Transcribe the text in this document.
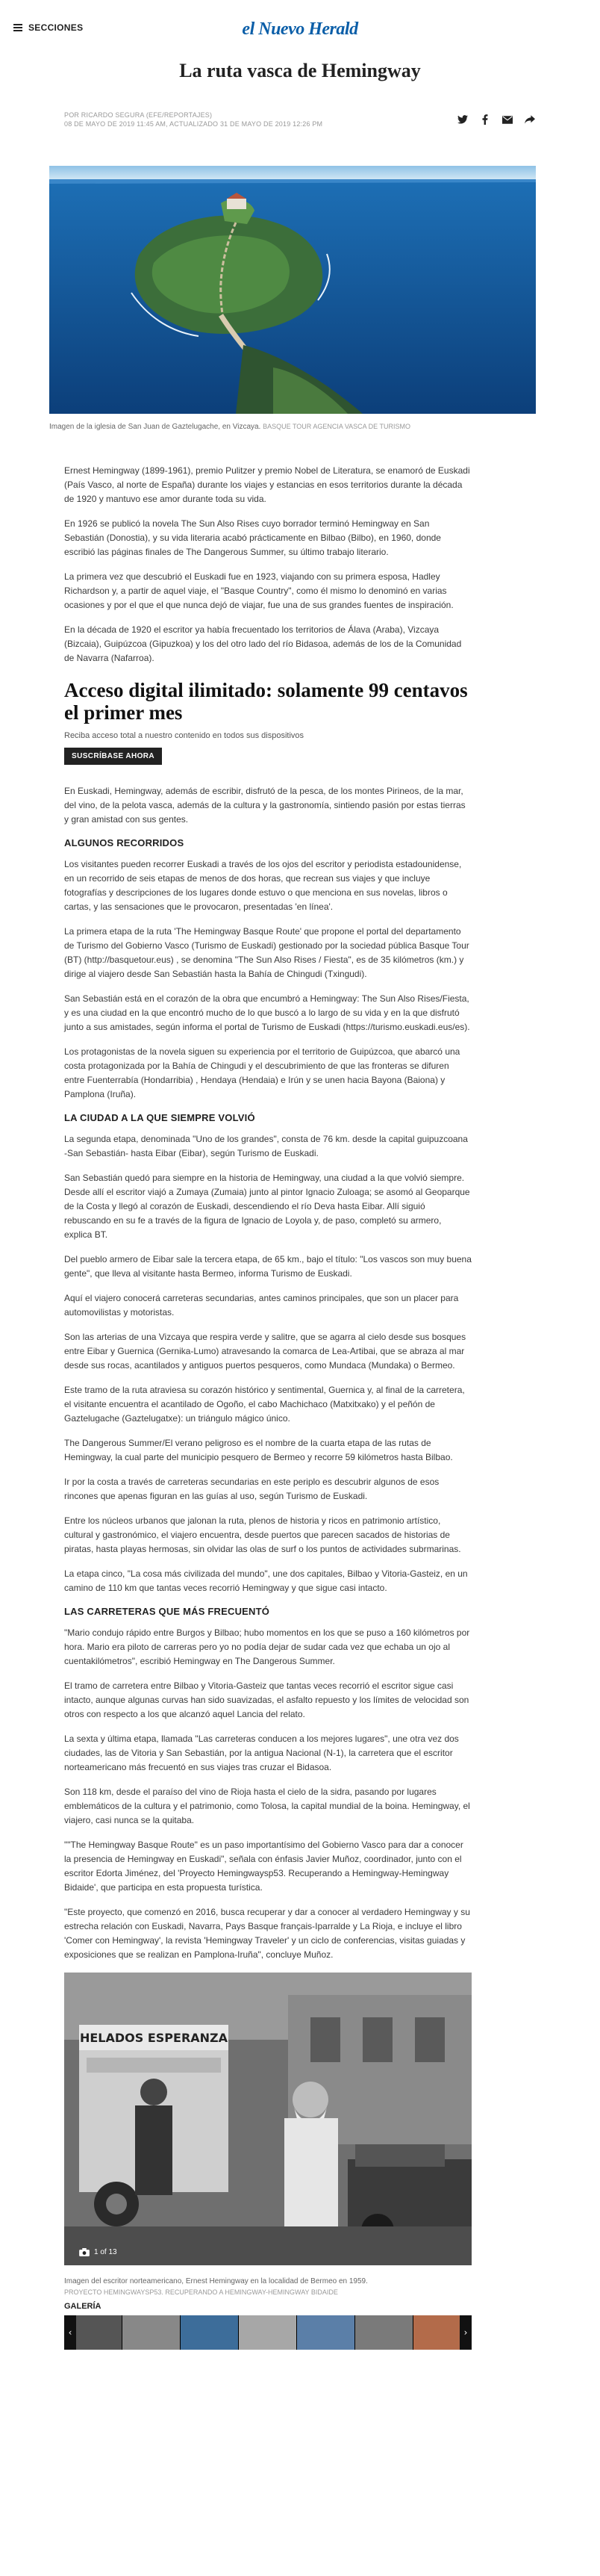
SECCIONES	el Nuevo Herald
La ruta vasca de Hemingway
POR RICARDO SEGURA (EFE/REPORTAJES)
08 DE MAYO DE 2019 11:45 AM, ACTUALIZADO 31 DE MAYO DE 2019 12:26 PM
Imagen de la iglesia de San Juan de Gaztelugache, en Vizcaya. BASQUE TOUR AGENCIA VASCA DE TURISMO

Ernest Hemingway (1899-1961), premio Pulitzer y premio Nobel de Literatura, se enamoró de Euskadi (País Vasco, al norte de España) durante los viajes y estancias en esos territorios durante la década de 1920 y mantuvo ese amor durante toda su vida.

En 1926 se publicó la novela The Sun Also Rises cuyo borrador terminó Hemingway en San Sebastián (Donostia), y su vida literaria acabó prácticamente en Bilbao (Bilbo), en 1960, donde escribió las páginas finales de The Dangerous Summer, su último trabajo literario.

La primera vez que descubrió el Euskadi fue en 1923, viajando con su primera esposa, Hadley Richardson y, a partir de aquel viaje, el "Basque Country", como él mismo lo denominó en varias ocasiones y por el que el que nunca dejó de viajar, fue una de sus grandes fuentes de inspiración.

En la década de 1920 el escritor ya había frecuentado los territorios de Álava (Araba), Vizcaya (Bizcaia), Guipúzcoa (Gipuzkoa) y los del otro lado del río Bidasoa, además de los de la Comunidad de Navarra (Nafarroa).

Acceso digital ilimitado: solamente 99 centavos el primer mes
Reciba acceso total a nuestro contenido en todos sus dispositivos
SUSCRÍBASE AHORA

En Euskadi, Hemingway, además de escribir, disfrutó de la pesca, de los montes Pirineos, de la mar, del vino, de la pelota vasca, además de la cultura y la gastronomía, sintiendo pasión por estas tierras y gran amistad con sus gentes.

ALGUNOS RECORRIDOS

Los visitantes pueden recorrer Euskadi a través de los ojos del escritor y periodista estadounidense, en un recorrido de seis etapas de menos de dos horas, que recrean sus viajes y que incluye fotografías y descripciones de los lugares donde estuvo o que menciona en sus novelas, libros o cartas, y las sensaciones que le provocaron, presentadas 'en línea'.

La primera etapa de la ruta 'The Hemingway Basque Route' que propone el portal del departamento de Turismo del Gobierno Vasco (Turismo de Euskadi) gestionado por la sociedad pública Basque Tour (BT) (http://basquetour.eus) , se denomina "The Sun Also Rises / Fiesta", es de 35 kilómetros (km.) y dirige al viajero desde San Sebastián hasta la Bahía de Chingudi (Txingudi).

San Sebastián está en el corazón de la obra que encumbró a Hemingway: The Sun Also Rises/Fiesta, y es una ciudad en la que encontró mucho de lo que buscó a lo largo de su vida y en la que disfrutó junto a sus amistades, según informa el portal de Turismo de Euskadi (https://turismo.euskadi.eus/es).

Los protagonistas de la novela siguen su experiencia por el territorio de Guipúzcoa, que abarcó una costa protagonizada por la Bahía de Chingudi y el descubrimiento de que las fronteras se difuren entre Fuenterrabía (Hondarribia) , Hendaya (Hendaia) e Irún y se unen hacia Bayona (Baiona) y Pamplona (Iruña).

LA CIUDAD A LA QUE SIEMPRE VOLVIÓ

La segunda etapa, denominada "Uno de los grandes", consta de 76 km. desde la capital guipuzcoana -San Sebastián- hasta Eibar (Eibar), según Turismo de Euskadi.

San Sebastián quedó para siempre en la historia de Hemingway, una ciudad a la que volvió siempre. Desde allí el escritor viajó a Zumaya (Zumaia) junto al pintor Ignacio Zuloaga; se asomó al Geoparque de la Costa y llegó al corazón de Euskadi, descendiendo el río Deva hasta Eibar. Allí siguió rebuscando en su fe a través de la figura de Ignacio de Loyola y, de paso, completó su armero, explica BT.

Del pueblo armero de Eibar sale la tercera etapa, de 65 km., bajo el título: "Los vascos son muy buena gente", que lleva al visitante hasta Bermeo, informa Turismo de Euskadi.

Aquí el viajero conocerá carreteras secundarias, antes caminos principales, que son un placer para automovilistas y motoristas.

Son las arterias de una Vizcaya que respira verde y salitre, que se agarra al cielo desde sus bosques entre Eibar y Guernica (Gernika-Lumo) atravesando la comarca de Lea-Artibai, que se abraza al mar desde sus rocas, acantilados y antiguos puertos pesqueros, como Mundaca (Mundaka) o Bermeo.

Este tramo de la ruta atraviesa su corazón histórico y sentimental, Guernica y, al final de la carretera, el visitante encuentra el acantilado de Ogoño, el cabo Machichaco (Matxitxako) y el peñón de Gaztelugache (Gaztelugatxe): un triángulo mágico único.

The Dangerous Summer/El verano peligroso es el nombre de la cuarta etapa de las rutas de Hemingway, la cual parte del municipio pesquero de Bermeo y recorre 59 kilómetros hasta Bilbao.

Ir por la costa a través de carreteras secundarias en este periplo es descubrir algunos de esos rincones que apenas figuran en las guías al uso, según Turismo de Euskadi.

Entre los núcleos urbanos que jalonan la ruta, plenos de historia y ricos en patrimonio artístico, cultural y gastronómico, el viajero encuentra, desde puertos que parecen sacados de historias de piratas, hasta playas hermosas, sin olvidar las olas de surf o los puntos de actividades subrmarinas.

La etapa cinco, "La cosa más civilizada del mundo", une dos capitales, Bilbao y Vitoria-Gasteiz, en un camino de 110 km que tantas veces recorrió Hemingway y que sigue casi intacto.

LAS CARRETERAS QUE MÁS FRECUENTÓ

"Mario condujo rápido entre Burgos y Bilbao; hubo momentos en los que se puso a 160 kilómetros por hora. Mario era piloto de carreras pero yo no podía dejar de sudar cada vez que echaba un ojo al cuentakilómetros", escribió Hemingway en The Dangerous Summer.

El tramo de carretera entre Bilbao y Vitoria-Gasteiz que tantas veces recorrió el escritor sigue casi intacto, aunque algunas curvas han sido suavizadas, el asfalto repuesto y los límites de velocidad son otros con respecto a los que alcanzó aquel Lancia del relato.

La sexta y última etapa, llamada "Las carreteras conducen a los mejores lugares", une otra vez dos ciudades, las de Vitoria y San Sebastián, por la antigua Nacional (N-1), la carretera que el escritor norteamericano más frecuentó en sus viajes tras cruzar el Bidasoa.

Son 118 km, desde el paraíso del vino de Rioja hasta el cielo de la sidra, pasando por lugares emblemáticos de la cultura y el patrimonio, como Tolosa, la capital mundial de la boina. Hemingway, el viajero, casi nunca se la quitaba.

""The Hemingway Basque Route" es un paso importantísimo del Gobierno Vasco para dar a conocer la presencia de Hemingway en Euskadi", señala con énfasis Javier Muñoz, coordinador, junto con el escritor Edorta Jiménez, del 'Proyecto Hemingwaysp53. Recuperando a Hemingway-Hemingway Bidaide', que participa en esta propuesta turística.

"Este proyecto, que comenzó en 2016, busca recuperar y dar a conocer al verdadero Hemingway y su estrecha relación con Euskadi, Navarra, Pays Basque français-Iparralde y La Rioja, e incluye el libro 'Comer con Hemingway', la revista 'Hemingway Traveler' y un ciclo de conferencias, visitas guiadas y exposiciones que se realizan en Pamplona-Iruña", concluye Muñoz.

HELADOS ESPERANZA
1 of 13
Imagen del escritor norteamericano, Ernest Hemingway en la localidad de Bermeo en 1959.
PROYECTO HEMINGWAYSP53. RECUPERANDO A HEMINGWAY-HEMINGWAY BIDAIDE
GALERÍA
‹	›
